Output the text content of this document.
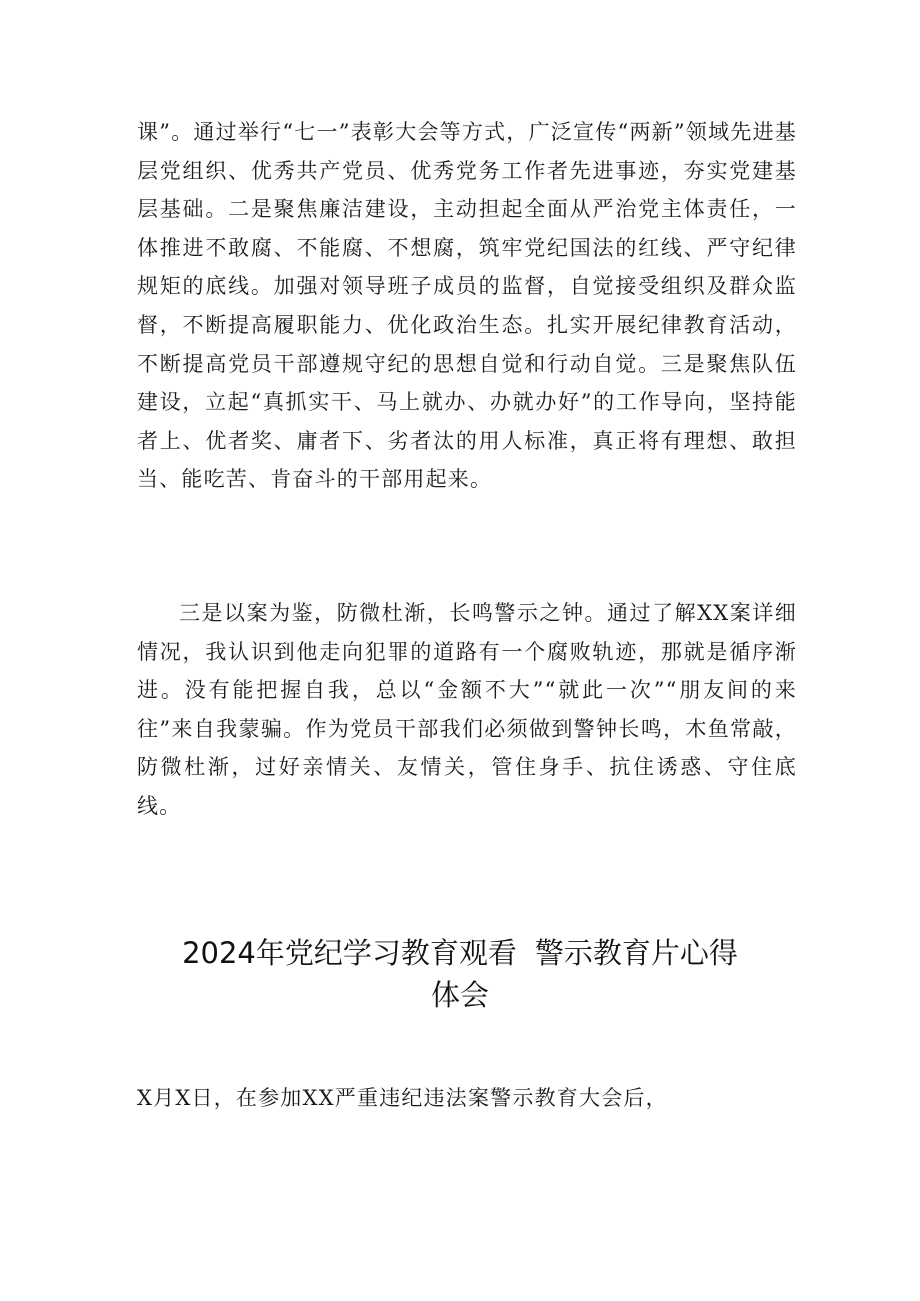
课”。通过举行“七一”表彰大会等方式，广泛宣传“两新”领域先进基层党组织、优秀共产党员、优秀党务工作者先进事迹，夯实党建基层基础。二是聚焦廉洁建设，主动担起全面从严治党主体责任，一体推进不敢腐、不能腐、不想腐，筑牢党纪国法的红线、严守纪律规矩的底线。加强对领导班子成员的监督，自觉接受组织及群众监督，不断提高履职能力、优化政治生态。扎实开展纪律教育活动，不断提高党员干部遵规守纪的思想自觉和行动自觉。三是聚焦队伍建设，立起“真抓实干、马上就办、办就办好”的工作导向，坚持能者上、优者奖、庸者下、劣者汰的用人标准，真正将有理想、敢担当、能吃苦、肯奋斗的干部用起来。

三是以案为鉴，防微杜渐，长鸣警示之钟。通过了解XX案详细情况，我认识到他走向犯罪的道路有一个腐败轨迹，那就是循序渐进。没有能把握自我，总以“金额不大”“就此一次”“朋友间的来往”来自我蒙骗。作为党员干部我们必须做到警钟长鸣，木鱼常敲，防微杜渐，过好亲情关、友情关，管住身手、抗住诱惑、守住底线。

2024年党纪学习教育观看 警示教育片心得
体会

X月X日，在参加XX严重违纪违法案警示教育大会后，
